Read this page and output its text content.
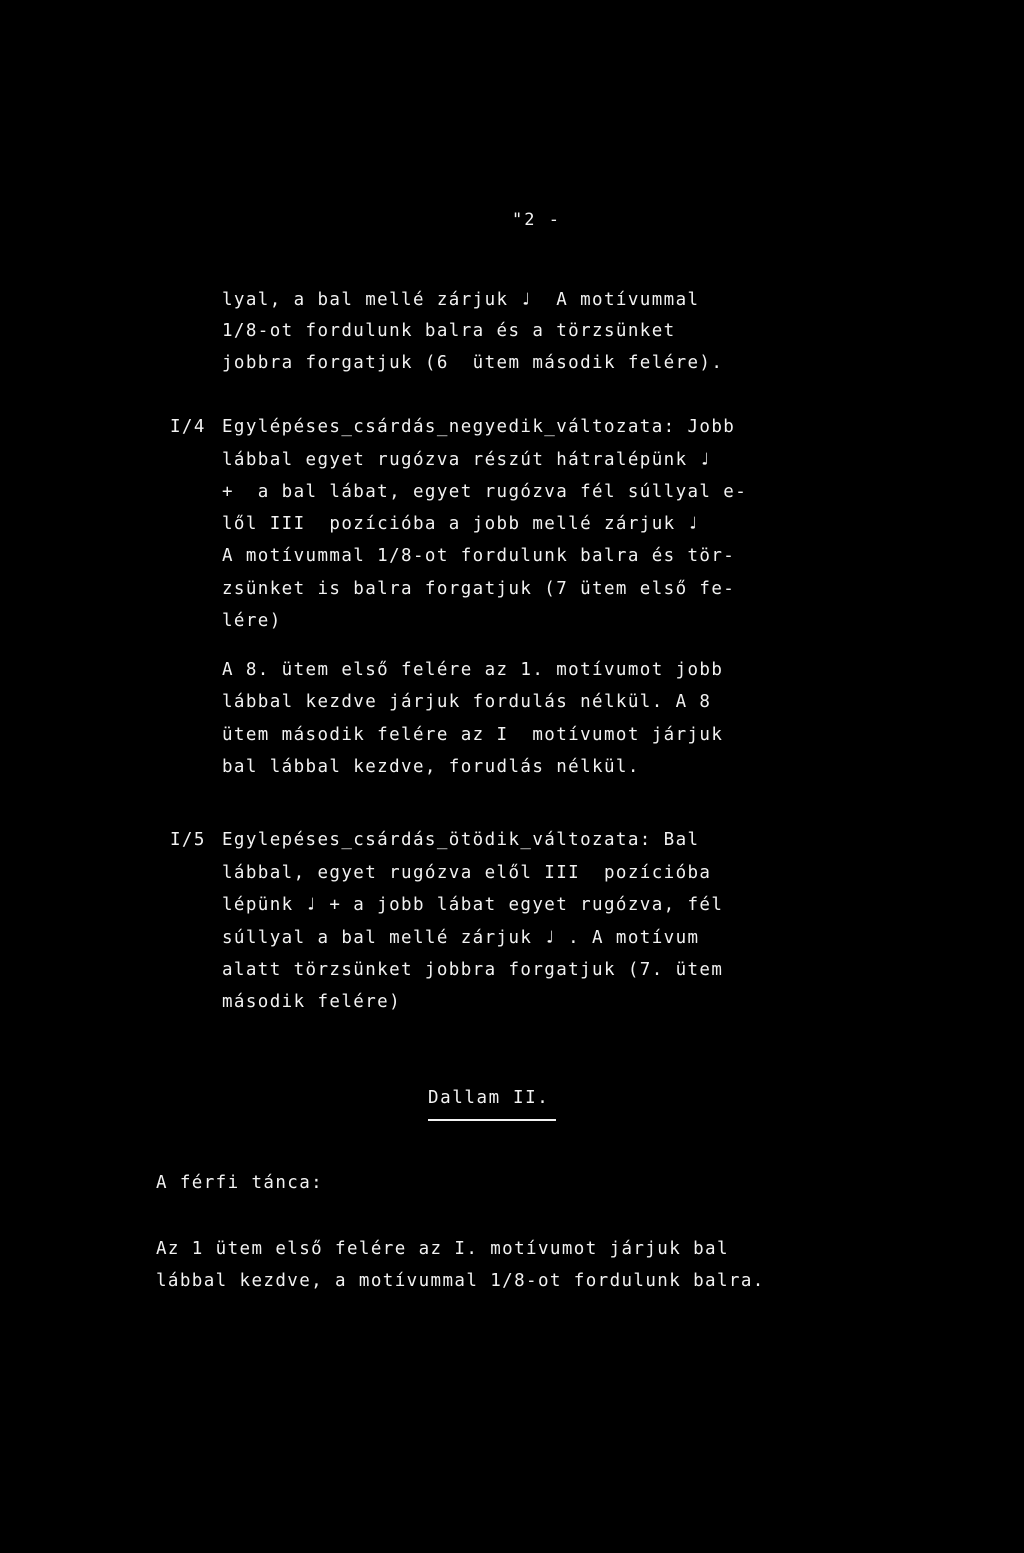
"2 -
lyal, a bal mellé zárjuk ♩  A motívummal
1/8-ot fordulunk balra és a törzsünket
jobbra forgatjuk (6  ütem második felére).
I/4 Egylépéses_csárdás_negyedik_változata: Jobb
lábbal egyet rugózva részút hátralépünk ♩
+  a bal lábat, egyet rugózva fél súllyal e-
lől III  pozícióba a jobb mellé zárjuk ♩
A motívummal 1/8-ot fordulunk balra és tör-
zsünket is balra forgatjuk (7 ütem első fe-
lére)
A 8. ütem első felére az 1. motívumot jobb
lábbal kezdve járjuk fordulás nélkül. A 8
ütem második felére az I  motívumot járjuk
bal lábbal kezdve, forudlás nélkül.
I/5 Egylepéses_csárdás_ötödik_változata: Bal
lábbal, egyet rugózva elől III  pozícióba
lépünk ♩ + a jobb lábat egyet rugózva, fél
súllyal a bal mellé zárjuk ♩ . A motívum
alatt törzsünket jobbra forgatjuk (7. ütem
második felére)
Dallam II.
A férfi tánca:
Az 1 ütem első felére az I. motívumot járjuk bal
lábbal kezdve, a motívummal 1/8-ot fordulunk balra.
